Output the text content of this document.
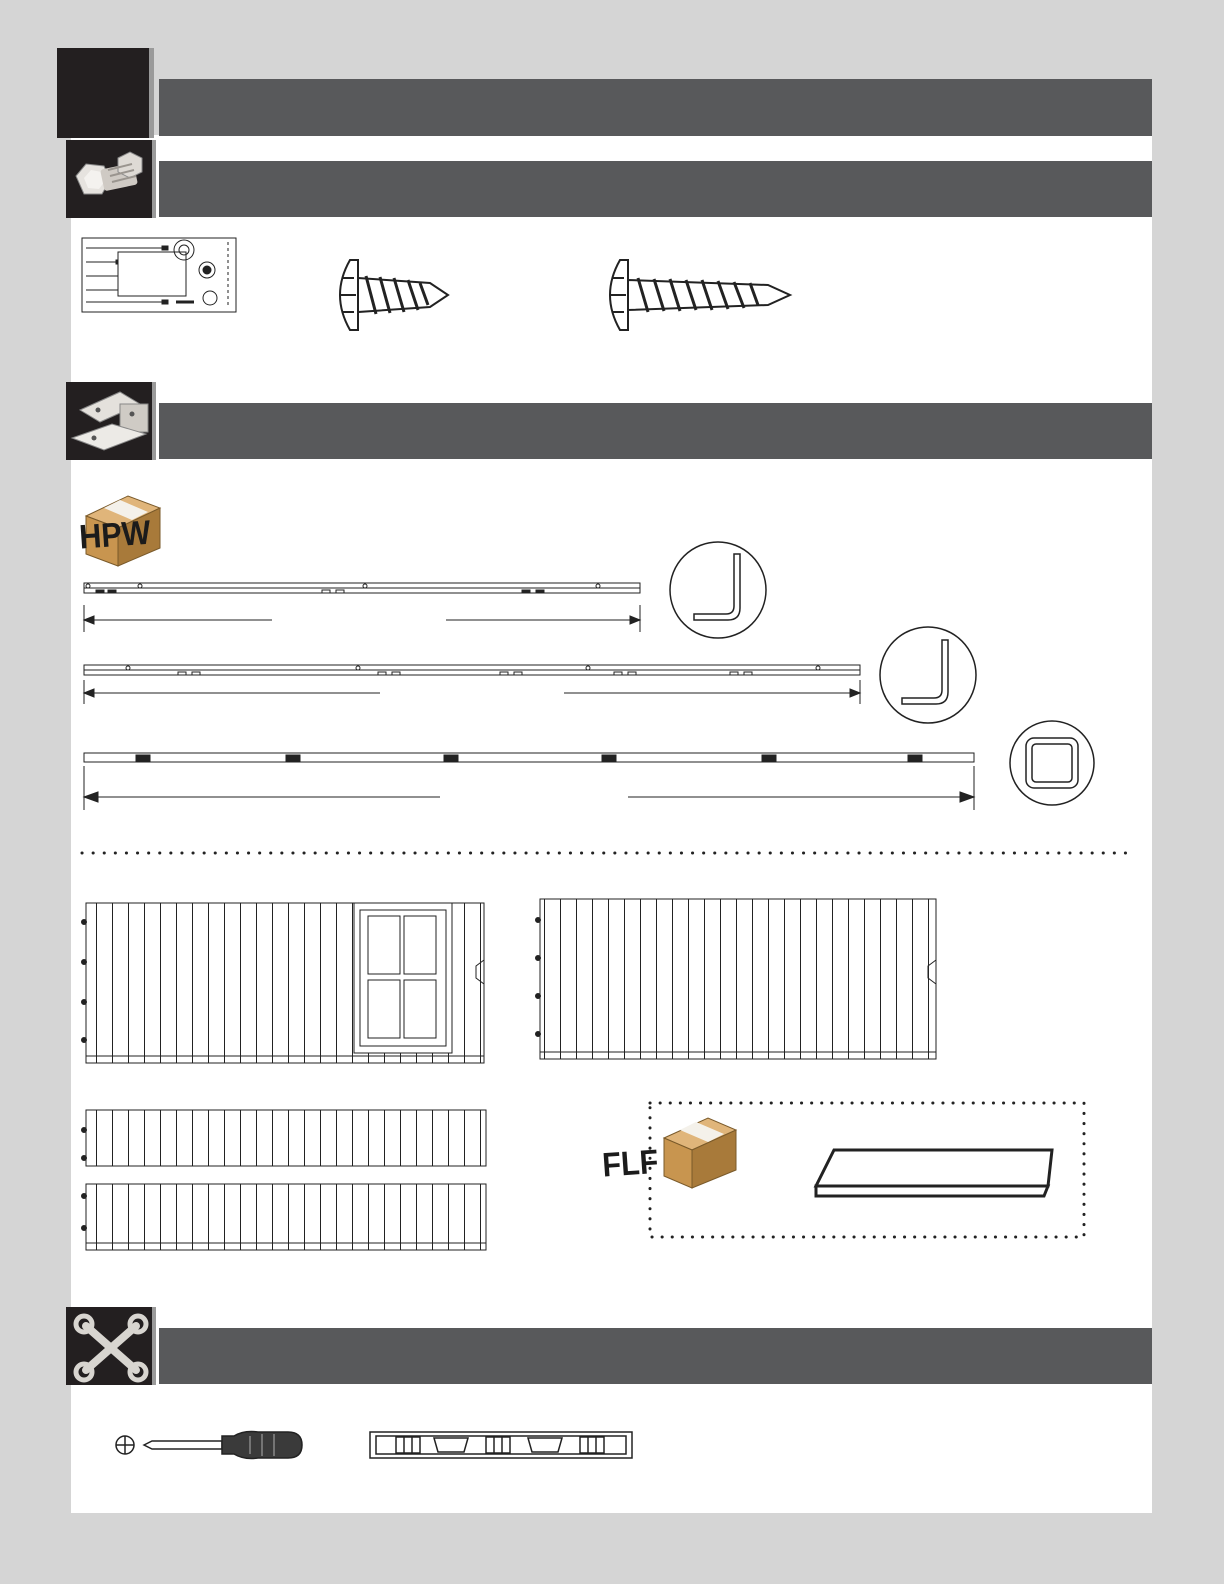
HPW
FLF
